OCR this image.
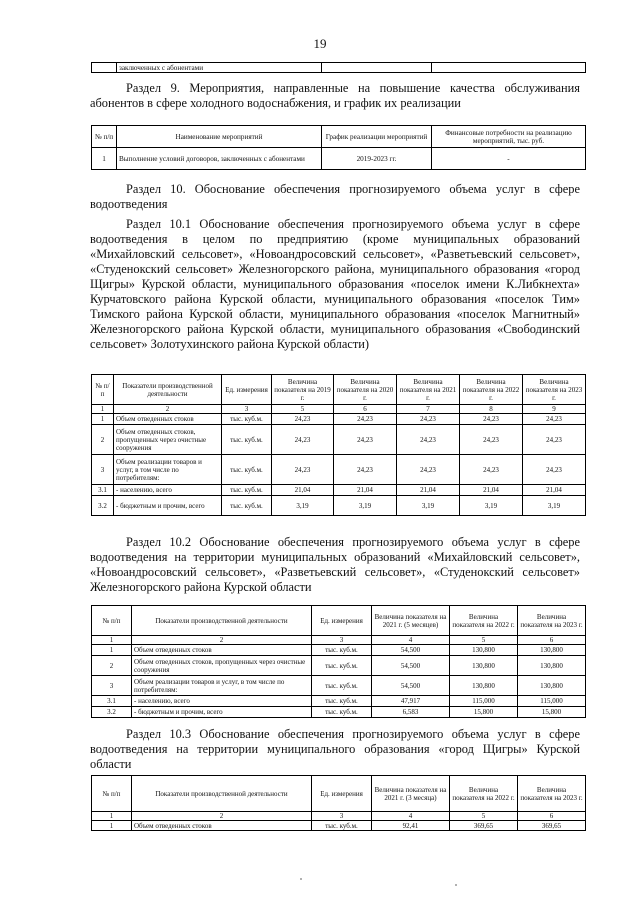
19
	заключенных с абонентами		
Раздел 9. Мероприятия, направленные на повышение качества обслуживания абонентов в сфере холодного водоснабжения, и график их реализации
№ п/п	Наименование мероприятий	График реализации мероприятий	Финансовые потребности на реализацию мероприятий, тыс. руб.
1	Выполнение условий договоров, заключенных с абонентами	2019-2023 гг.	-
Раздел 10. Обоснование обеспечения прогнозируемого объема услуг в сфере водоотведения
Раздел 10.1 Обоснование обеспечения прогнозируемого объема услуг в сфере водоотведения в целом по предприятию (кроме муниципальных образований «Михайловский сельсовет», «Новоандросовский сельсовет», «Разветьевский сельсовет», «Студенокский сельсовет» Железногорского района, муниципального образования «город Щигры» Курской области, муниципального образования «поселок имени К.Либкнехта» Курчатовского района Курской области, муниципального образования «поселок Тим» Тимского района Курской области, муниципального образования «поселок Магнитный» Железногорского района Курской области, муниципального образования «Свободинский сельсовет» Золотухинского района Курской области)
№ п/п	Показатели производственной деятельности	Ед. измерения	Величина показателя на 2019 г.	Величина показателя на 2020 г.	Величина показателя на 2021 г.	Величина показателя на 2022 г.	Величина показателя на 2023 г.
1	2	3	5	6	7	8	9
1	Объем отведенных стоков	тыс. куб.м.	24,23	24,23	24,23	24,23	24,23
2	Объем отведенных стоков, пропущенных через очистные сооружения	тыс. куб.м.	24,23	24,23	24,23	24,23	24,23
3	Объем реализации товаров и услуг, в том числе по потребителям:	тыс. куб.м.	24,23	24,23	24,23	24,23	24,23
3.1	- населению, всего	тыс. куб.м.	21,04	21,04	21,04	21,04	21,04
3.2	- бюджетным и прочим, всего	тыс. куб.м.	3,19	3,19	3,19	3,19	3,19
Раздел 10.2 Обоснование обеспечения прогнозируемого объема услуг в сфере водоотведения на территории муниципальных образований «Михайловский сельсовет», «Новоандросовский сельсовет», «Разветьевский сельсовет», «Студенокский сельсовет» Железногорского района Курской области
№ п/п	Показатели производственной деятельности	Ед. измерения	Величина показателя на 2021 г. (5 месяцев)	Величина показателя на 2022 г.	Величина показателя на 2023 г.
1	2	3	4	5	6
1	Объем отведенных стоков	тыс. куб.м.	54,500	130,800	130,800
2	Объем отведенных стоков, пропущенных через очистные сооружения	тыс. куб.м.	54,500	130,800	130,800
3	Объем реализации товаров и услуг, в том числе по потребителям:	тыс. куб.м.	54,500	130,800	130,800
3.1	- населению, всего	тыс. куб.м.	47,917	115,000	115,000
3.2	- бюджетным и прочим, всего	тыс. куб.м.	6,583	15,800	15,800
Раздел 10.3 Обоснование обеспечения прогнозируемого объема услуг в сфере водоотведения на территории муниципального образования «город Щигры» Курской области
№ п/п	Показатели производственной деятельности	Ед. измерения	Величина показателя на 2021 г. (3 месяца)	Величина показателя на 2022 г.	Величина показателя на 2023 г.
1	2	3	4	5	6
1	Объем отведенных стоков	тыс. куб.м.	92,41	369,65	369,65
